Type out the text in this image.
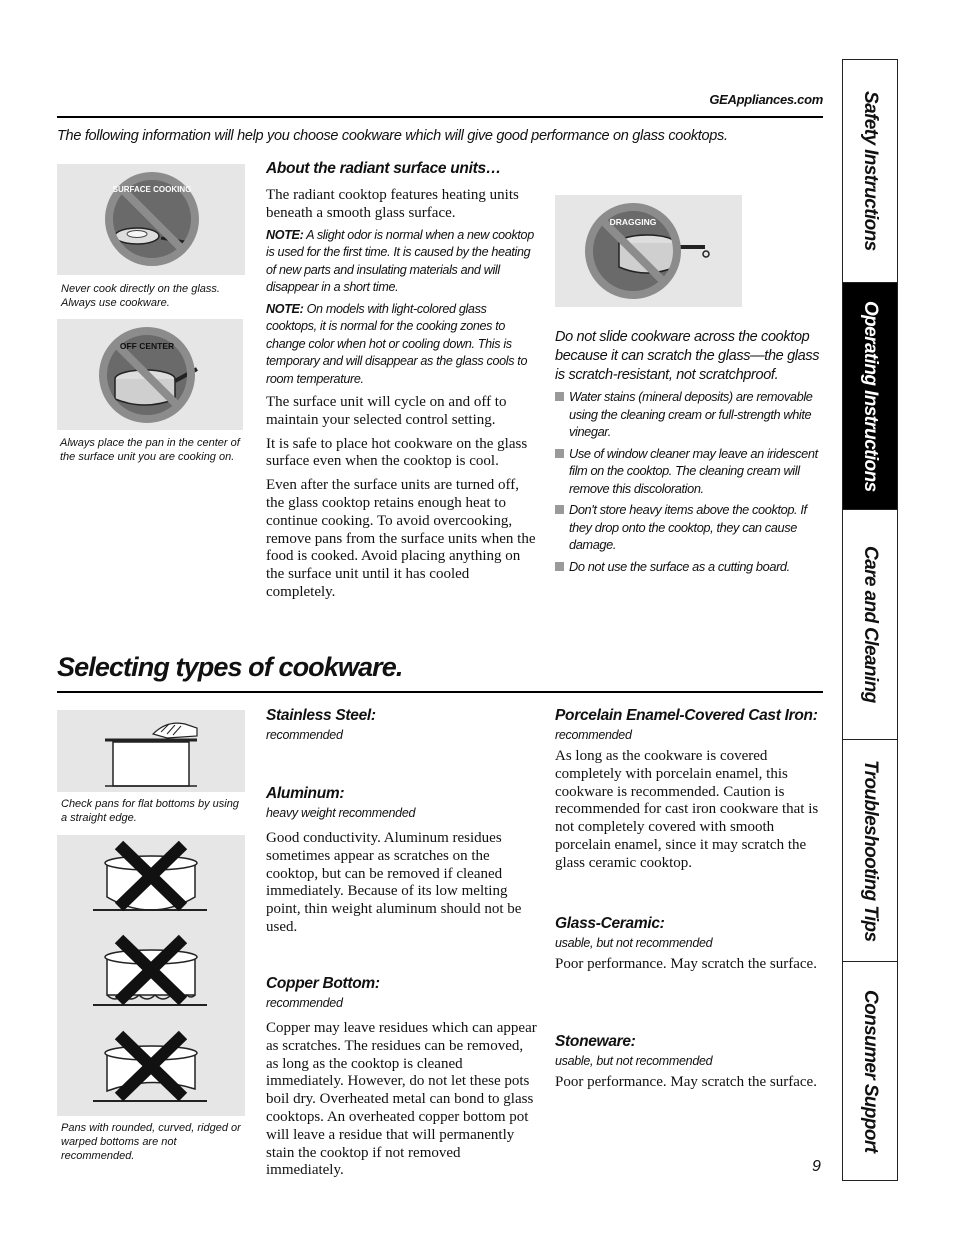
GEAppliances.com
The following information will help you choose cookware which will give good performance on glass cooktops.
SURFACE COOKING
Never cook directly on the glass. Always use cookware.
OFF CENTER
Always place the pan in the center of the surface unit you are cooking on.
About the radiant surface units…

The radiant cooktop features heating units beneath a smooth glass surface.

NOTE: A slight odor is normal when a new cooktop is used for the first time. It is caused by the heating of new parts and insulating materials and will disappear in a short time.

NOTE: On models with light-colored glass cooktops, it is normal for the cooking zones to change color when hot or cooling down. This is temporary and will disappear as the glass cools to room temperature.

The surface unit will cycle on and off to maintain your selected control setting.

It is safe to place hot cookware on the glass surface even when the cooktop is cool.

Even after the surface units are turned off, the glass cooktop retains enough heat to continue cooking. To avoid overcooking, remove pans from the surface units when the food is cooked. Avoid placing anything on the surface unit until it has cooled completely.

DRAGGING

Do not slide cookware across the cooktop because it can scratch the glass—the glass is scratch-resistant, not scratchproof.

Water stains (mineral deposits) are removable using the cleaning cream or full-strength white vinegar.
Use of window cleaner may leave an iridescent film on the cooktop. The cleaning cream will remove this discoloration.
Don't store heavy items above the cooktop. If they drop onto the cooktop, they can cause damage.
Do not use the surface as a cutting board.
Selecting types of cookware.
Check pans for flat bottoms by using a straight edge.
Pans with rounded, curved, ridged or warped bottoms are not recommended.
Stainless Steel:
recommended
Aluminum:
heavy weight recommended

Good conductivity. Aluminum residues sometimes appear as scratches on the cooktop, but can be removed if cleaned immediately. Because of its low melting point, thin weight aluminum should not be used.

Copper Bottom:
recommended

Copper may leave residues which can appear as scratches. The residues can be removed, as long as the cooktop is cleaned immediately. However, do not let these pots boil dry. Overheated metal can bond to glass cooktops. An overheated copper bottom pot will leave a residue that will permanently stain the cooktop if not removed immediately.

Porcelain Enamel-Covered Cast Iron:
recommended

As long as the cookware is covered completely with porcelain enamel, this cookware is recommended. Caution is recommended for cast iron cookware that is not completely covered with smooth porcelain enamel, since it may scratch the glass ceramic cooktop.

Glass-Ceramic:
usable, but not recommended

Poor performance. May scratch the surface.

Stoneware:
usable, but not recommended

Poor performance. May scratch the surface.

Safety Instructions
Operating Instructions
Care and Cleaning
Troubleshooting Tips
Consumer Support
9
